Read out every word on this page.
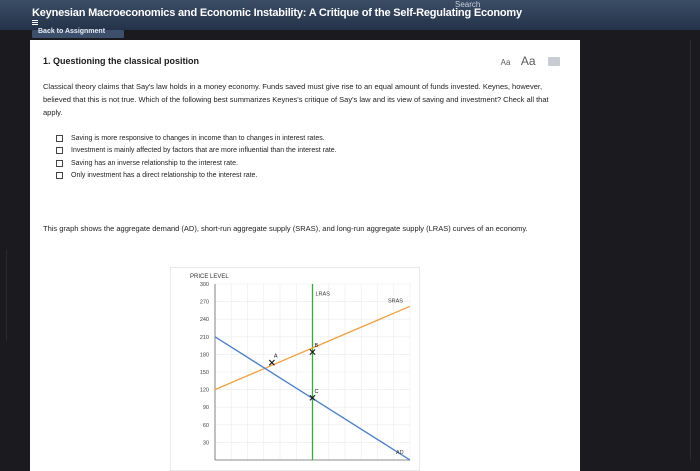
Keynesian Macroeconomics and Economic Instability: A Critique of the Self-Regulating Economy
Search
Back to Assignment
Aa Aa
1. Questioning the classical position
Classical theory claims that Say's law holds in a money economy. Funds saved must give rise to an equal amount of funds invested. Keynes, however, believed that this is not true. Which of the following best summarizes Keynes's critique of Say's law and its view of saving and investment? Check all that apply.
Saving is more responsive to changes in income than to changes in interest rates.
Investment is mainly affected by factors that are more influential than the interest rate.
Saving has an inverse relationship to the interest rate.
Only investment has a direct relationship to the interest rate.
This graph shows the aggregate demand (AD), short-run aggregate supply (SRAS), and long-run aggregate supply (LRAS) curves of an economy.
PRICE LEVEL
300
270
240
210
180
150
120
90
60
30
LRAS
SRAS
AD
A
B
C
